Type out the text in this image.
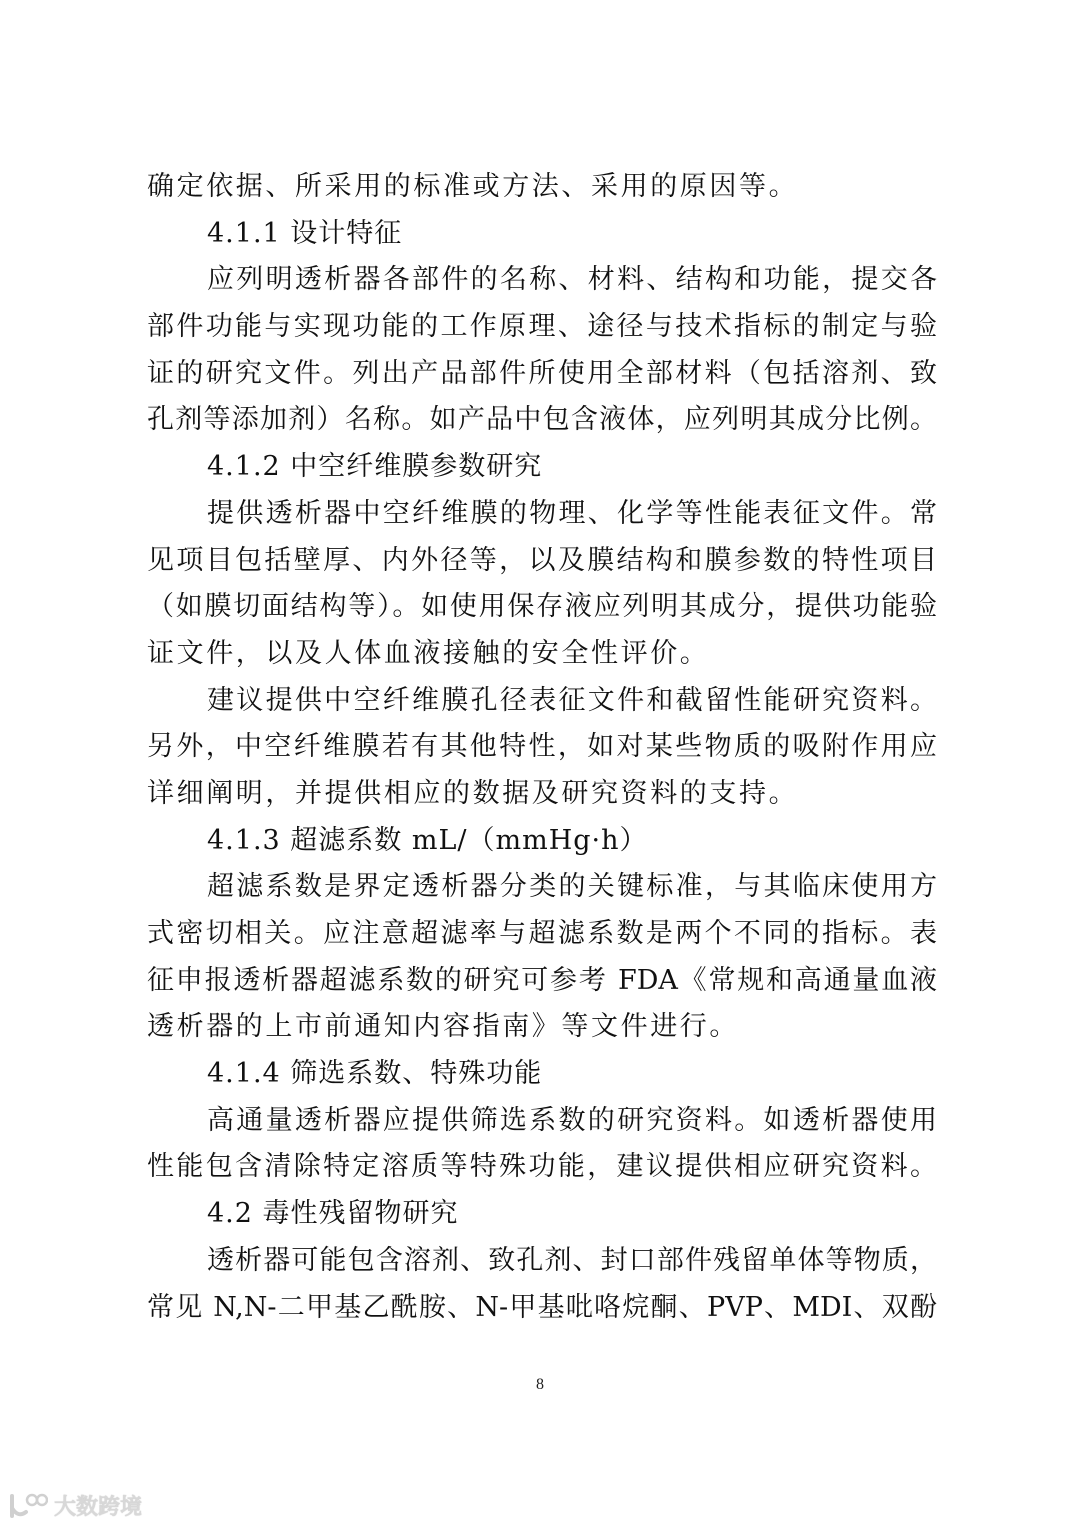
确定依据、所采用的标准或方法、采用的原因等。
4.1.1 设计特征
应列明透析器各部件的名称、材料、结构和功能，提交各
部件功能与实现功能的工作原理、途径与技术指标的制定与验
证的研究文件。列出产品部件所使用全部材料（包括溶剂、致
孔剂等添加剂）名称。如产品中包含液体，应列明其成分比例。
4.1.2 中空纤维膜参数研究
提供透析器中空纤维膜的物理、化学等性能表征文件。常
见项目包括壁厚、内外径等，以及膜结构和膜参数的特性项目
（如膜切面结构等）。如使用保存液应列明其成分，提供功能验
证文件，以及人体血液接触的安全性评价。
建议提供中空纤维膜孔径表征文件和截留性能研究资料。
另外，中空纤维膜若有其他特性，如对某些物质的吸附作用应
详细阐明，并提供相应的数据及研究资料的支持。
4.1.3 超滤系数 mL/（mmHg·h）
超滤系数是界定透析器分类的关键标准，与其临床使用方
式密切相关。应注意超滤率与超滤系数是两个不同的指标。表
征申报透析器超滤系数的研究可参考 FDA《常规和高通量血液
透析器的上市前通知内容指南》等文件进行。
4.1.4 筛选系数、特殊功能
高通量透析器应提供筛选系数的研究资料。如透析器使用
性能包含清除特定溶质等特殊功能，建议提供相应研究资料。
4.2 毒性残留物研究
透析器可能包含溶剂、致孔剂、封口部件残留单体等物质，
常见 N,N-二甲基乙酰胺、N-甲基吡咯烷酮、PVP、MDI、双酚
8
大数跨境
